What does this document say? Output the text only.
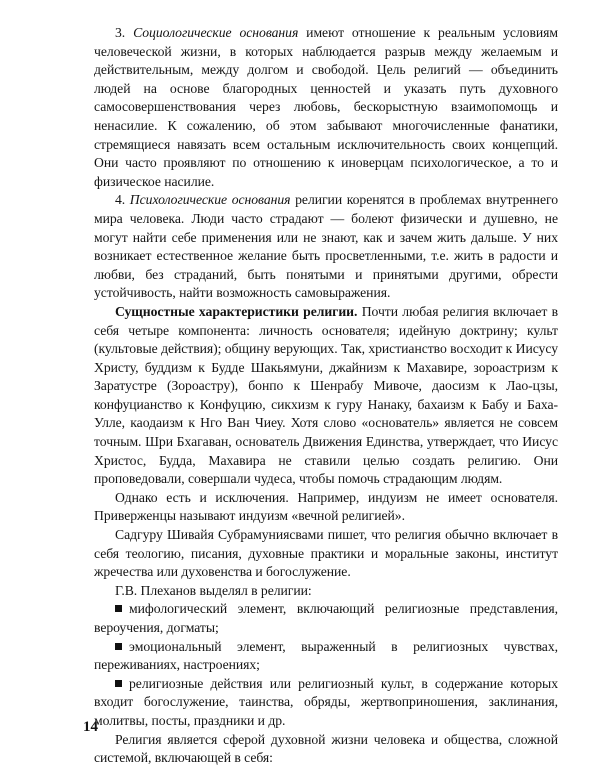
3. Социологические основания имеют отношение к реальным условиям человеческой жизни, в которых наблюдается разрыв между желаемым и действительным, между долгом и свободой. Цель религий — объединить людей на основе благородных ценностей и указать путь духовного самосовершенствования через любовь, бескорыстную взаимопомощь и ненасилие. К сожалению, об этом забывают многочисленные фанатики, стремящиеся навязать всем остальным исключительность своих концепций. Они часто проявляют по отношению к иноверцам психологическое, а то и физическое насилие.

4. Психологические основания религии коренятся в проблемах внутреннего мира человека. Люди часто страдают — болеют физически и душевно, не могут найти себе применения или не знают, как и зачем жить дальше. У них возникает естественное желание быть просветленными, т.е. жить в радости и любви, без страданий, быть понятыми и принятыми другими, обрести устойчивость, найти возможность самовыражения.

Сущностные характеристики религии. Почти любая религия включает в себя четыре компонента: личность основателя; идейную доктрину; культ (культовые действия); общину верующих. Так, христианство восходит к Иисусу Христу, буддизм к Будде Шакьямуни, джайнизм к Махавире, зороастризм к Заратустре (Зороастру), бонпо к Шенрабу Мивоче, даосизм к Лао-цзы, конфуцианство к Конфуцию, сикхизм к гуру Нанаку, бахаизм к Бабу и Баха-Улле, каодаизм к Нго Ван Чиеу. Хотя слово «основатель» является не совсем точным. Шри Бхагаван, основатель Движения Единства, утверждает, что Иисус Христос, Будда, Махавира не ставили целью создать религию. Они проповедовали, совершали чудеса, чтобы помочь страдающим людям.

Однако есть и исключения. Например, индуизм не имеет основателя. Приверженцы называют индуизм «вечной религией».

Садгуру Шивайя Субрамуниясвами пишет, что религия обычно включает в себя теологию, писания, духовные практики и моральные законы, институт жречества или духовенства и богослужение.

Г.В. Плеханов выделял в религии:

мифологический элемент, включающий религиозные представления, вероучения, догматы;

эмоциональный элемент, выраженный в религиозных чувствах, переживаниях, настроениях;

религиозные действия или религиозный культ, в содержание которых входит богослужение, таинства, обряды, жертвоприношения, заклинания, молитвы, посты, праздники и др.

Религия является сферой духовной жизни человека и общества, сложной системой, включающей в себя:

14
